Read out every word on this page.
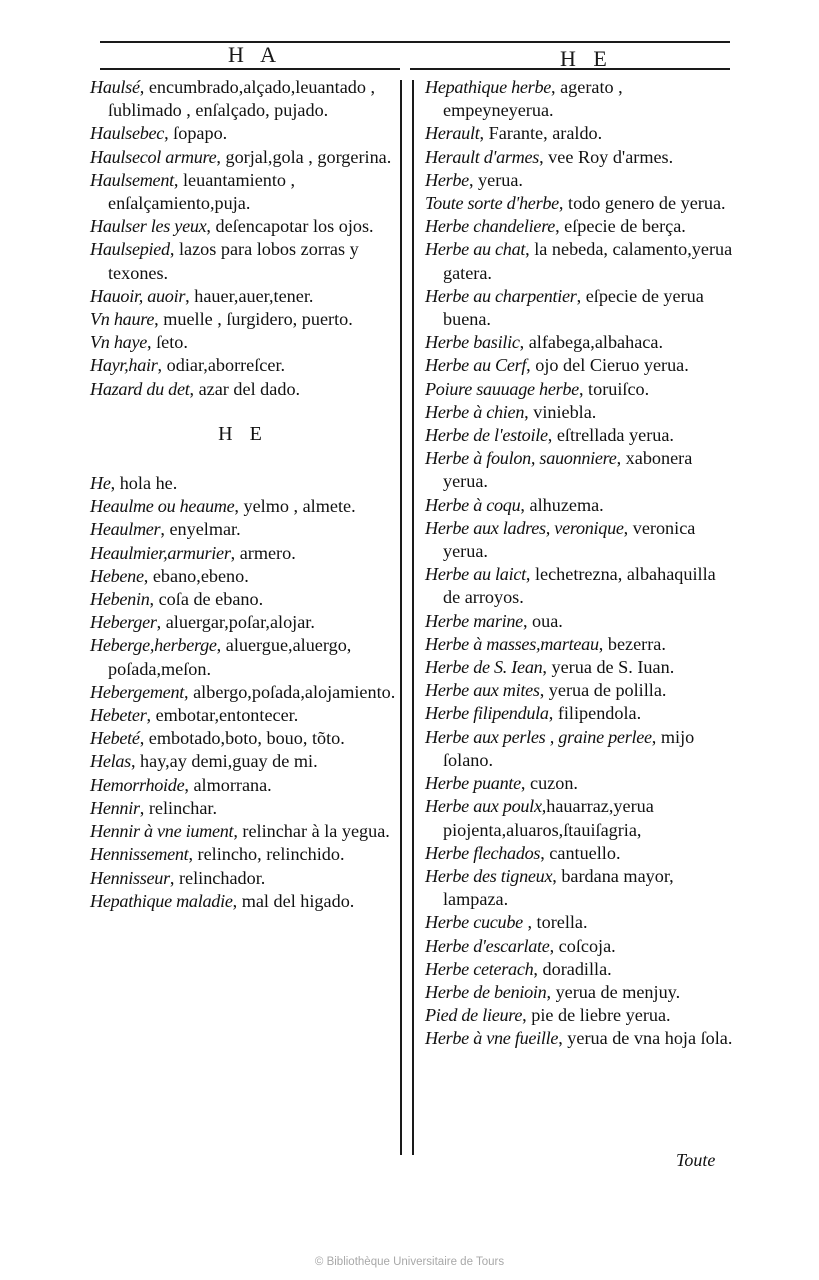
H A	H E

Haulsé, encumbrado,alçado,leuantado , ſublimado , enſalçado, pujado.

Haulsebec, ſopapo.

Haulsecol armure, gorjal,gola , gorgerina.

Haulsement, leuantamiento , enſalçamiento,puja.

Haulser les yeux, deſencapotar los ojos.

Haulsepied, lazos para lobos zorras y texones.

Hauoir, auoir, hauer,auer,tener.

Vn haure, muelle , ſurgidero, puerto.

Vn haye, ſeto.

Hayr,hair, odiar,aborreſcer.

Hazard du det, azar del dado.

H E

He, hola he.

Heaulme ou heaume, yelmo , almete.

Heaulmer, enyelmar.

Heaulmier,armurier, armero.

Hebene, ebano,ebeno.

Hebenin, coſa de ebano.

Heberger, aluergar,poſar,alojar.

Heberge,herberge, aluergue,aluergo, poſada,meſon.

Hebergement, albergo,poſada,alojamiento.

Hebeter, embotar,entontecer.

Hebeté, embotado,boto, bouo, tõto.

Helas, hay,ay demi,guay de mi.

Hemorrhoide, almorrana.

Hennir, relinchar.

Hennir à vne iument, relinchar à la yegua.

Hennissement, relincho, relinchido.

Hennisseur, relinchador.

Hepathique maladie, mal del higado.

Hepathique herbe, agerato , empeyneyerua.

Herault, Farante, araldo.

Herault d'armes, vee Roy d'armes.

Herbe, yerua.

Toute sorte d'herbe, todo genero de yerua.

Herbe chandeliere, eſpecie de berça.

Herbe au chat, la nebeda, calamento,yerua gatera.

Herbe au charpentier, eſpecie de yerua buena.

Herbe basilic, alfabega,albahaca.

Herbe au Cerf, ojo del Cieruo yerua.

Poiure sauuage herbe, toruiſco.

Herbe à chien, viniebla.

Herbe de l'estoile, eſtrellada yerua.

Herbe à foulon, sauonniere, xabonera yerua.

Herbe à coqu, alhuzema.

Herbe aux ladres, veronique, veronica yerua.

Herbe au laict, lechetrezna, albahaquilla de arroyos.

Herbe marine, oua.

Herbe à masses,marteau, bezerra.

Herbe de S. Iean, yerua de S. Iuan.

Herbe aux mites, yerua de polilla.

Herbe filipendula, filipendola.

Herbe aux perles , graine perlee, mijo ſolano.

Herbe puante, cuzon.

Herbe aux poulx,hauarraz,yerua piojenta,aluaros,ſtauiſagria,

Herbe flechados, cantuello.

Herbe des tigneux, bardana mayor, lampaza.

Herbe cucube , torella.

Herbe d'escarlate, coſcoja.

Herbe ceterach, doradilla.

Herbe de benioin, yerua de menjuy.

Pied de lieure, pie de liebre yerua.

Herbe à vne fueille, yerua de vna hoja ſola.

Toute
© Bibliothèque Universitaire de Tours
